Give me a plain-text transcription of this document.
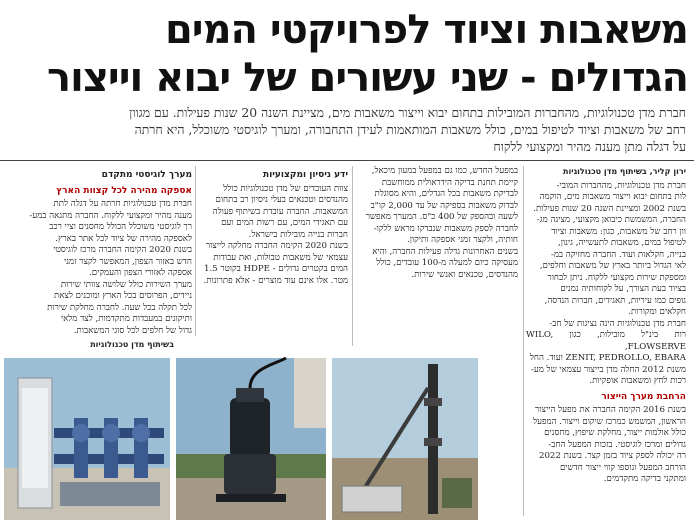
משאבות וציוד לפרויקטי המים
הגדולים - שני עשורים של יבוא וייצור
חברת מדן טכנולוגיות, מהחברות המובילות בתחום יבוא וייצור משאבות מים, מציינת השנה 20 שנות פעילות. עם מגוון
רחב של משאבות וציוד לטיפול במים, כולל משאבות המותאמות לעידן התחבורה, ומערך לוגיסטי משוכלל, היא חרתה
על דגלה מתן מענה מהיר ומקצועי ללקוח
ירון קליר, בשיתוף מדן טכנולוגיות
חברת מדן טכנולוגיות, מהחברות המובי-
לות בתחום יבוא וייצור משאבות מים, הוקמה
בשנת 2002 ומציינת השנה 20 שנות פעילות.
החברה, המשמשת כיבואן מקצועי, מציגה מג-
וון רחב של משאבות, כגון: משאבות וציוד
לטיפול במים, משאבות לתעשייה, גינון,
בנייה, חקלאות ועוד. החברה מחזיקה במ-
לאי הגדול ביותר בארץ של משאבות וחלפים,
ומספקת שירות מקצועי ללקוח. ניתן לבחור
בציוד בעת הצורך, על לקוחותיה נמנים
גופים כמו עיריות, תאגידים, חברות הנדסה,
חקלאים ומקורות.
חברת מדן טכנולוגיות הינה נציגות של חב-
רות בינ"ל מובילות, כגון WILO, FLOWSERVE,
ZENIT, PEDROLLO, EBARA ועוד. החל
משנת 2012 החלה מדן בייצור עצמאי של מע-
רכות לחץ ומשאבות אופקיות.
הרחבת מערך הייצור
בשנת 2016 הקימה החברה את מפעל הייצור
הראשון, המשמש כמרכז שיקום וייצור. המפעל
כולל אולמות ייצור, מחלקת שיפוץ, מחסנים
גדולים ומרכז לוגיסטי. בזכות המפעל החב-
רה יכולה לספק ציוד בזמן קצר. בשנת 2022
הורחב המפעל ונוספו קווי ייצור חדשים
ומתקני בדיקה מתקדמים.
במפעל החדש, כמו גם במפעל במעון מיכאל,
קיימת תחנת בדיקה הידראולית ממוחשבת
לבדיקת משאבות בכל הגדלים, והיא מסוגלת
לבדוק משאבות בספיקה של עד 2,000 קו"ב
לשעה ובהספק של 400 כ"ס. המערך מאפשר
לחברה לספק משאבות שנבדקו מראש ללקו-
חותיה, ולקצר זמני אספקה ותיקון.
בשנים האחרונות גדלה פעילות החברה, והיא
מעסיקה כיום למעלה מ-100 עובדים, כולל
מהנדסים, טכנאים ואנשי שירות.
ידע ניסיון ומקצועיות
צוות העובדים של מדן טכנולוגיות כולל
מהנדסים וטכנאים בעלי ניסיון רב בתחום
המשאבות. החברה עובדת בשיתוף פעולה
עם תאגידי המים, עם רשות המים ועם
חברות בנייה מובילות בישראל.
בשנת 2020 הקימה החברה מחלקה לייצור
עצמאי של משאבות טבולות, ואת עבודות
המים בקטרים גדולים - HDPE בקוטר 1.5
מטר. אלו אינם עוד מוצרים - אלא פתרונות.
מערך לוגיסטי מתקדם
אספקה מהירה לכל קצוות הארץ
חברת מדן טכנולוגיות חרתה על דגלה לתת
מענה מהיר ומקצועי ללקוח. החברה מתגאה במע-
רך לוגיסטי משוכלל הכולל מחסנים וציי רכב
לאספקה מהירה של ציוד לכל אתר בארץ.
בשנת 2020 הקימה החברה מרכז לוגיסטי
חדש באזור הצפון, המאפשר לקצר זמני
אספקה לאזורי הצפון והעמקים.
מערך השירות כולל שלושה צוותי שירות
ניידים, הפרוסים בכל הארץ ומוכנים לצאת
לכל תקלה בכל שעה. לחברה מחלקת שירות
ותיקונים במעבדות מתקדמות, לצד מלאי
גדול של חלפים לכל סוגי המשאבות.
בשיתוף מדן טכנולוגיות
